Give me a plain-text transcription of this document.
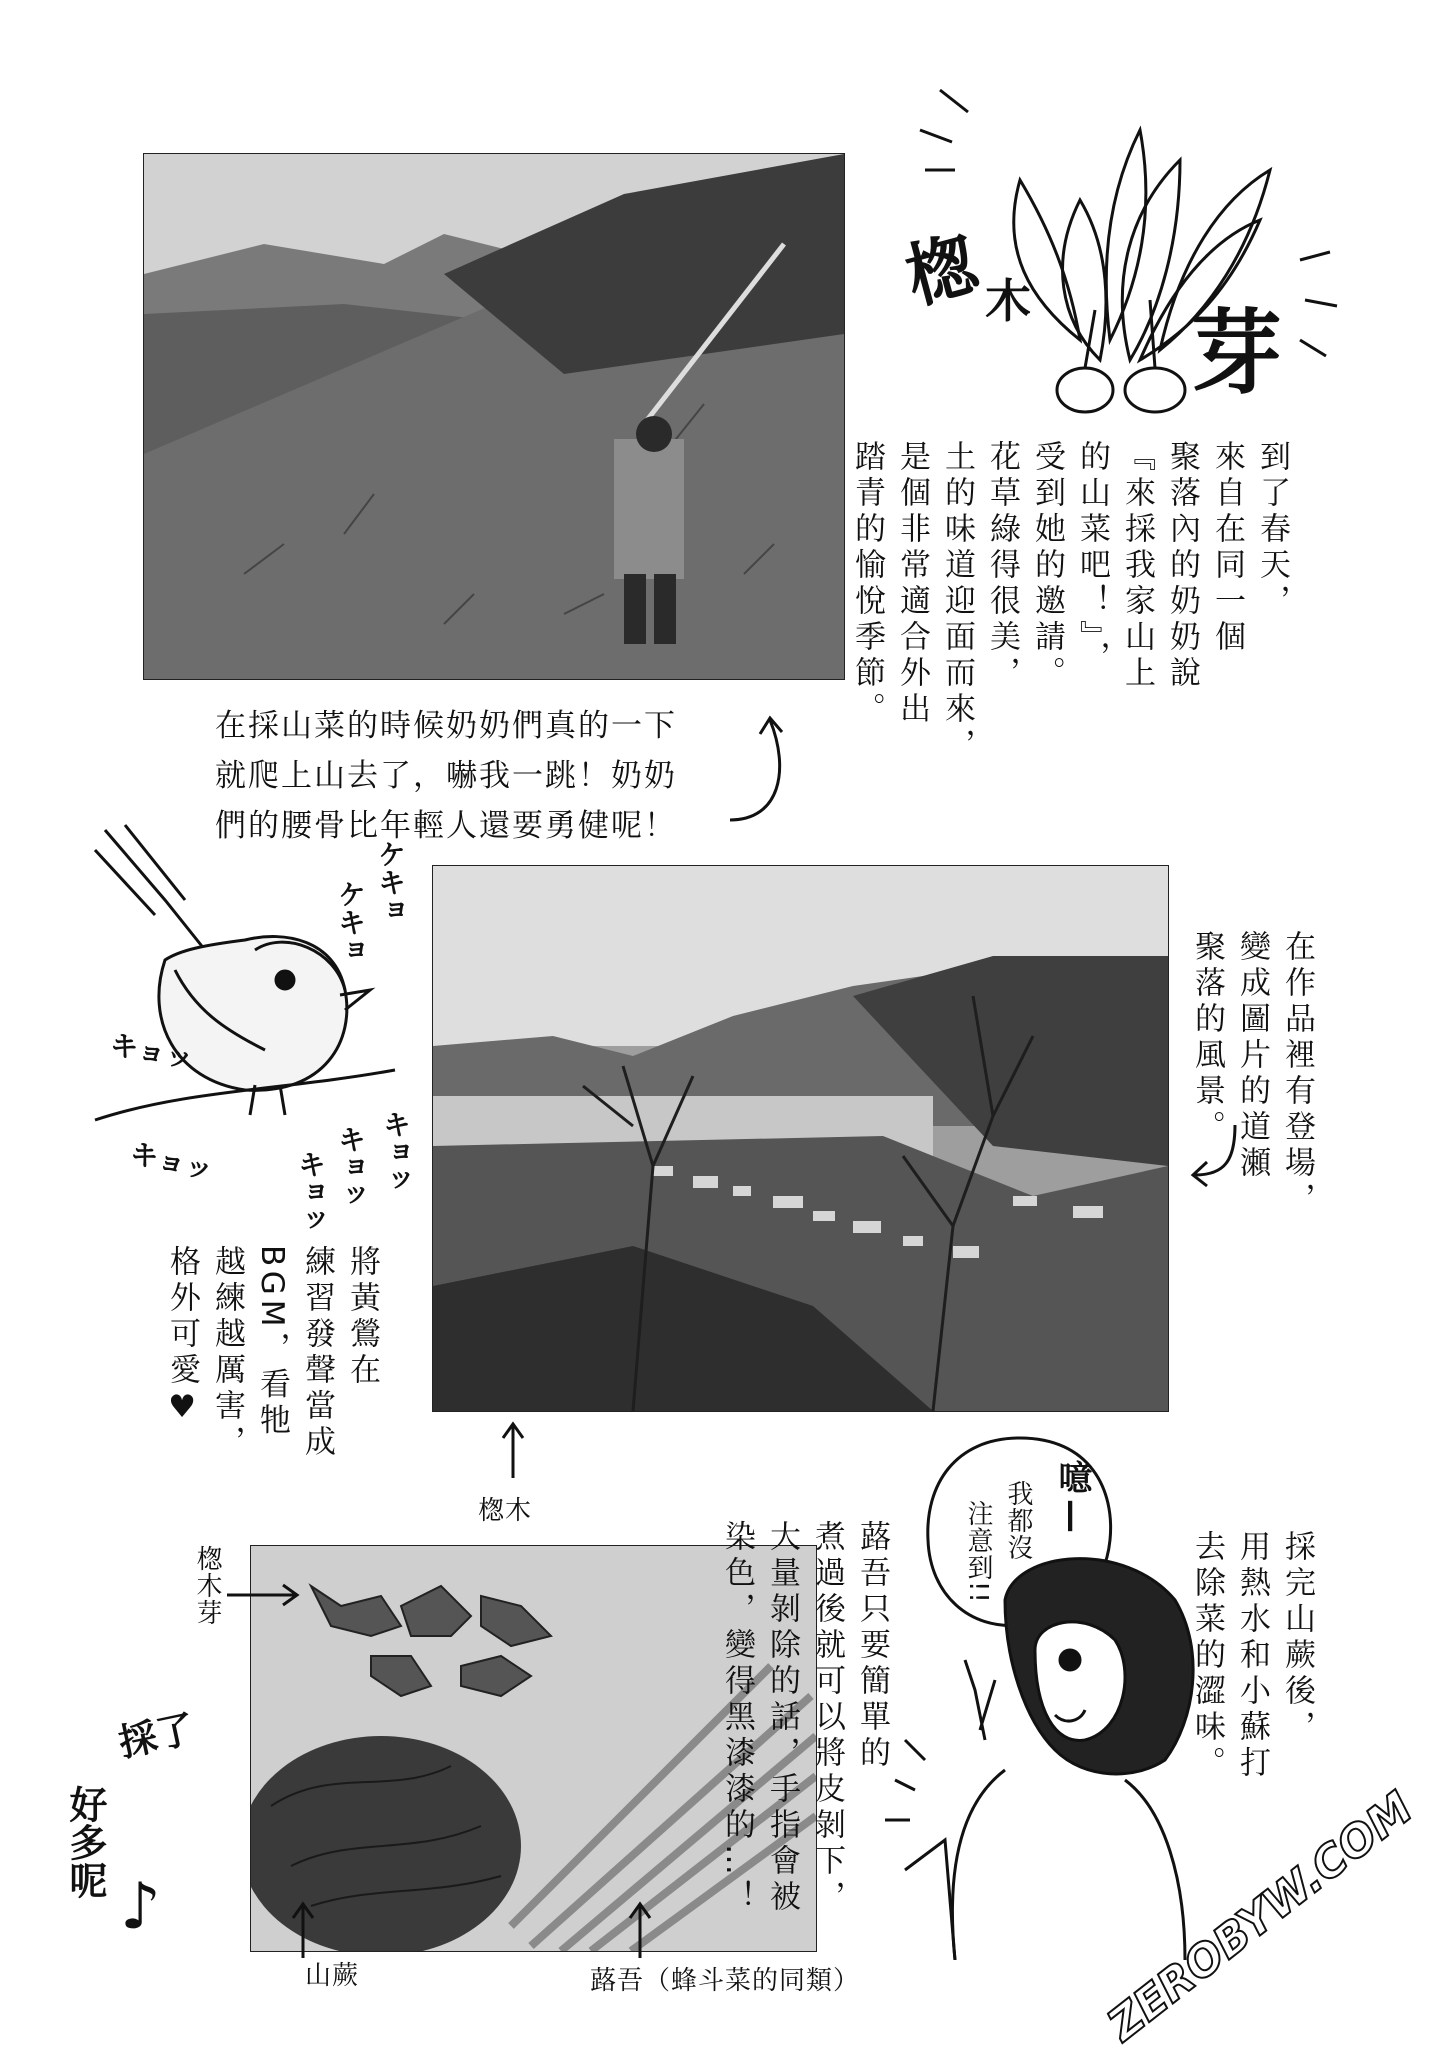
楤 木 芽
到了春天，
來自在同一個
聚落內的奶奶說
『來採我家山上
的山菜吧！』，
受到她的邀請。
花草綠得很美，
土的味道迎面而來，
是個非常適合外出
踏青的愉悅季節。
在採山菜的時候奶奶們真的一下
就爬上山去了，嚇我一跳！奶奶
們的腰骨比年輕人還要勇健呢！
ケキョ
ケキョ
キョッ
キョッ	キョッ
キョッ
キョッ
將黃鶯在
練習發聲當成
BGM，看牠
越練越厲害，
格外可愛♥
在作品裡有登場，
變成圖片的道瀬
聚落的風景。
楤木
楤木芽
山蕨	蕗吾（蜂斗菜的同類）
採了
好多呢
♪
蕗吾只要簡單的
煮過後就可以將皮剝下，
大量剝除的話，手指會被
染色，變得黑漆漆的…！	我都沒
注意到!!
噫—
採完山蕨後，
用熱水和小蘇打
去除菜的澀味。
ZEROBYW.COM
